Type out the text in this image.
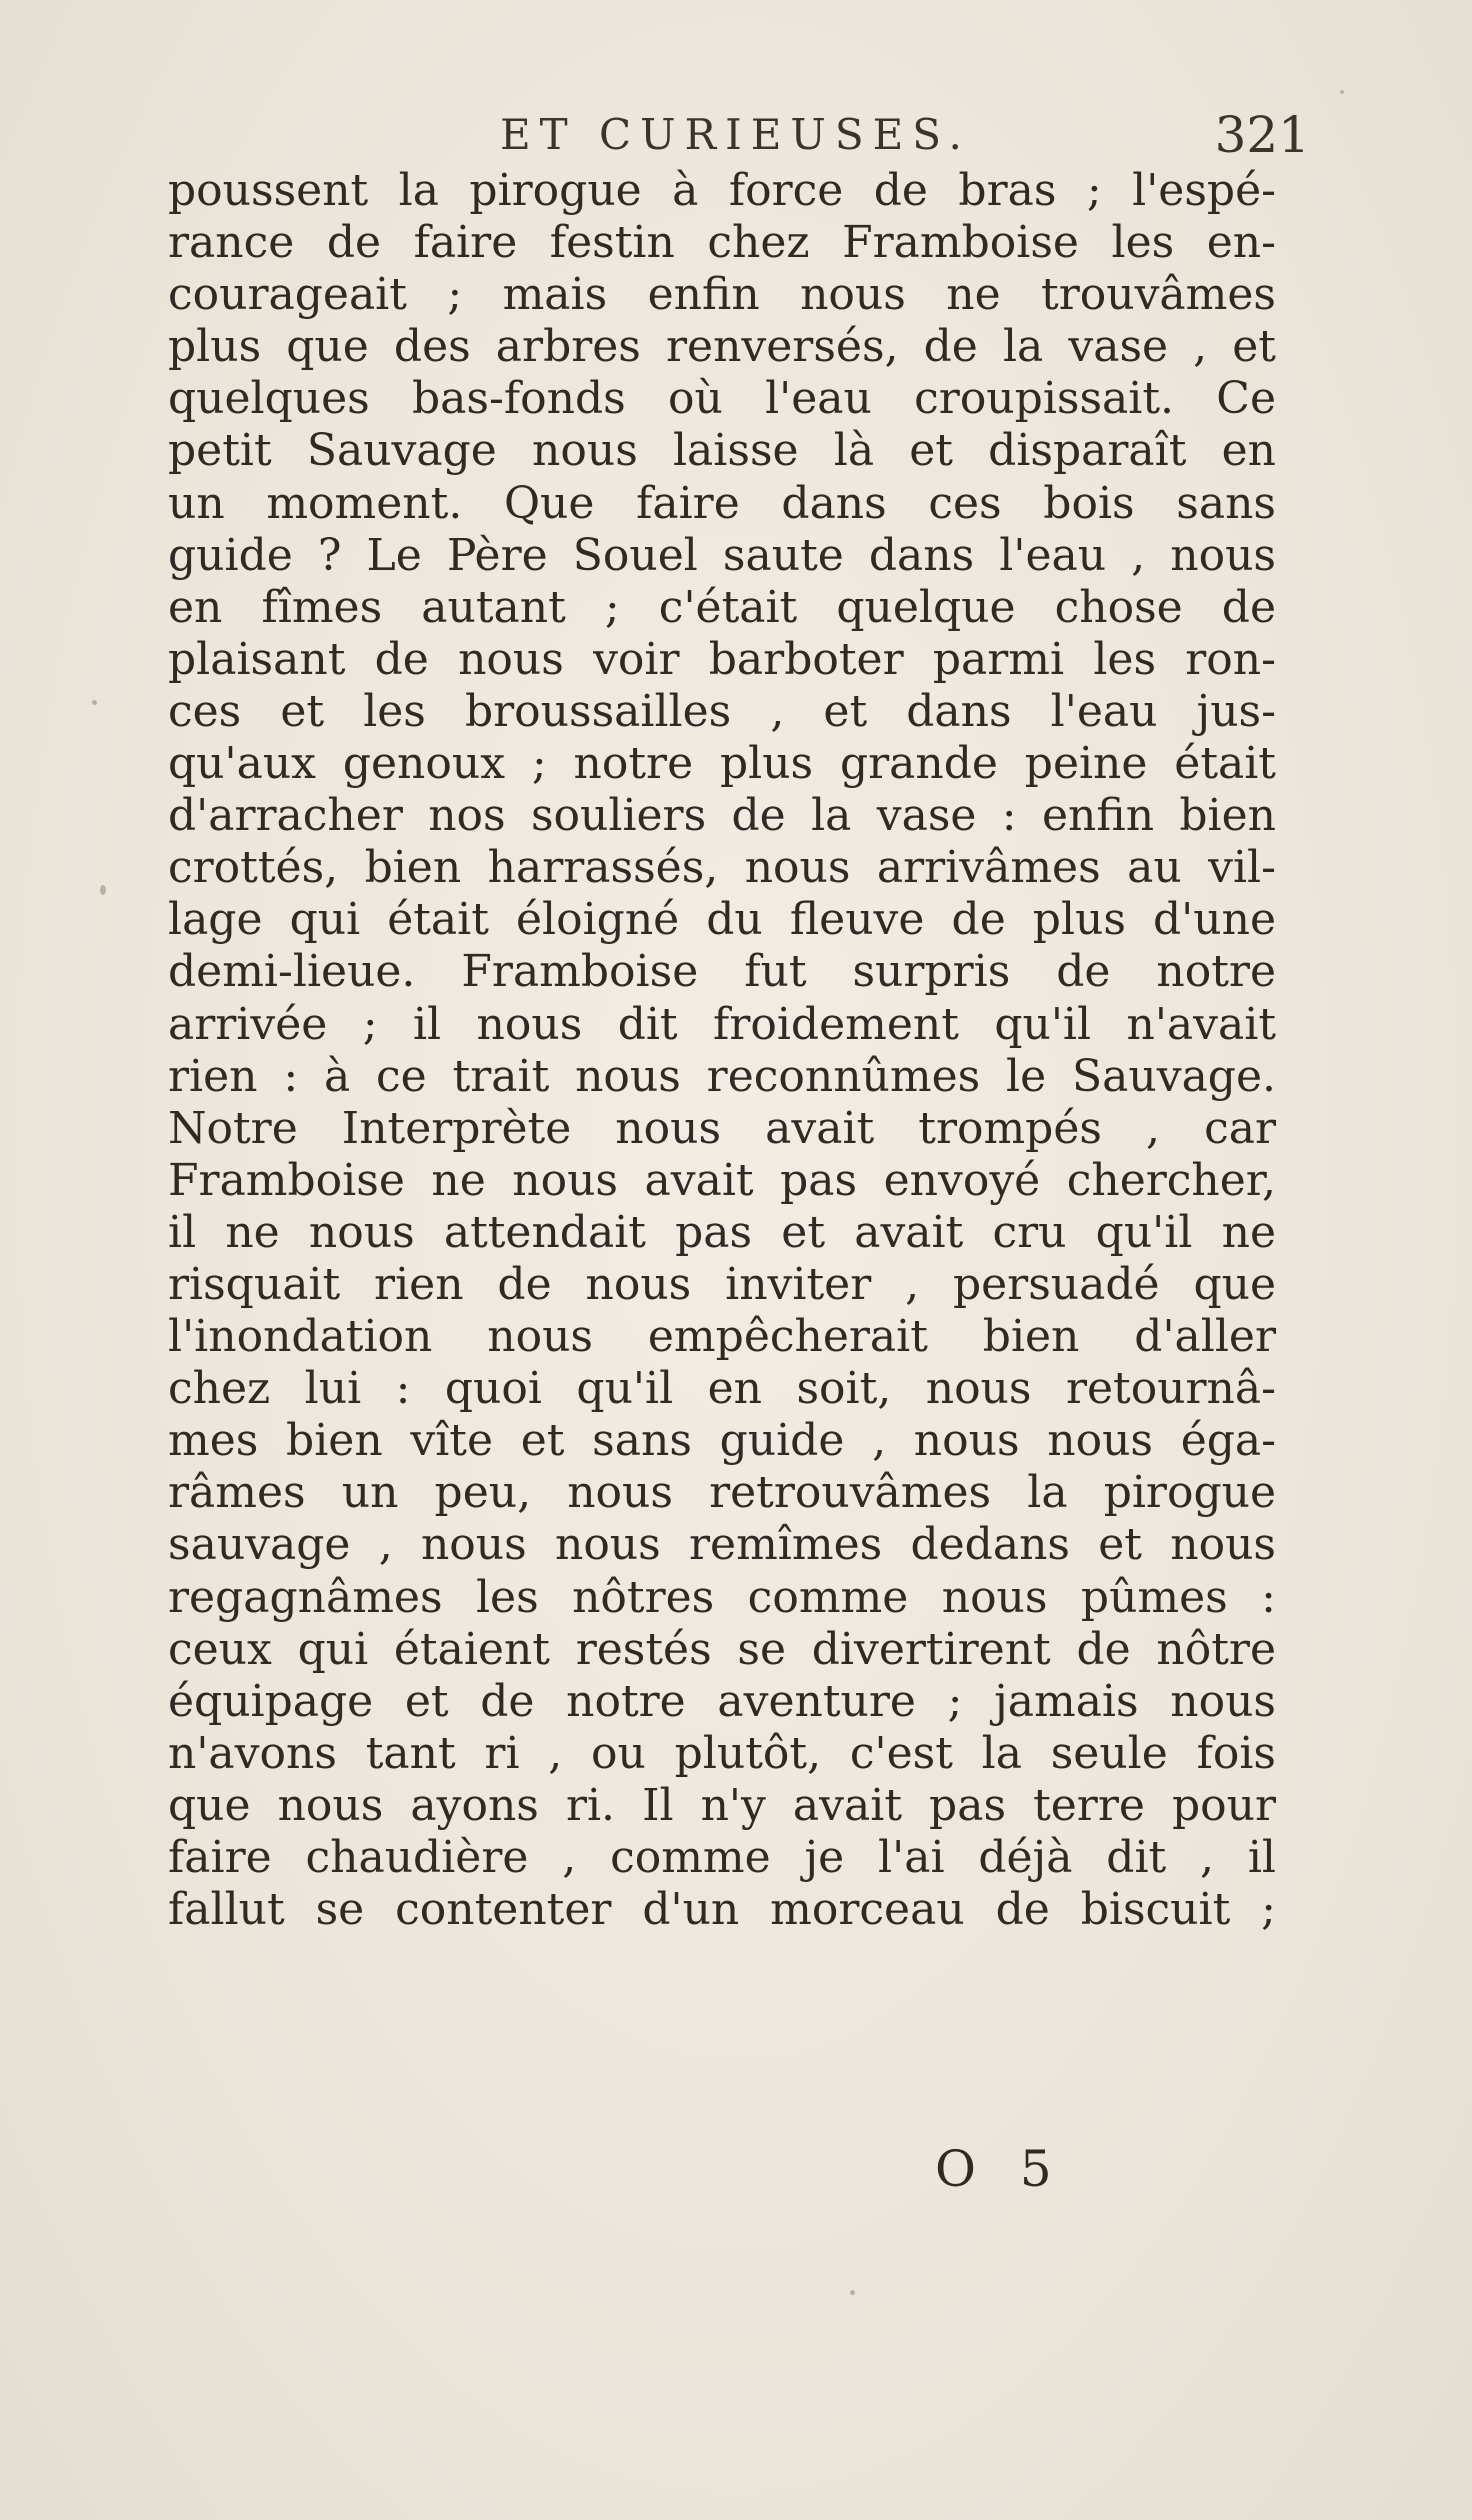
ET CURIEUSES.	321
poussent la pirogue à force de bras ; l'espé-
rance de faire festin chez Framboise les en-
courageait ; mais enfin nous ne trouvâmes
plus que des arbres renversés, de la vase , et
quelques bas-fonds où l'eau croupissait. Ce
petit Sauvage nous laisse là et disparaît en
un moment. Que faire dans ces bois sans
guide ? Le Père Souel saute dans l'eau , nous
en fîmes autant ; c'était quelque chose de
plaisant de nous voir barboter parmi les ron-
ces et les broussailles , et dans l'eau jus-
qu'aux genoux ; notre plus grande peine était
d'arracher nos souliers de la vase : enfin bien
crottés, bien harrassés, nous arrivâmes au vil-
lage qui était éloigné du fleuve de plus d'une
demi-lieue. Framboise fut surpris de notre
arrivée ; il nous dit froidement qu'il n'avait
rien : à ce trait nous reconnûmes le Sauvage.
Notre Interprète nous avait trompés , car
Framboise ne nous avait pas envoyé chercher,
il ne nous attendait pas et avait cru qu'il ne
risquait rien de nous inviter , persuadé que
l'inondation nous empêcherait bien d'aller
chez lui : quoi qu'il en soit, nous retournâ-
mes bien vîte et sans guide , nous nous éga-
râmes un peu, nous retrouvâmes la pirogue
sauvage , nous nous remîmes dedans et nous
regagnâmes les nôtres comme nous pûmes :
ceux qui étaient restés se divertirent de nôtre
équipage et de notre aventure ; jamais nous
n'avons tant ri , ou plutôt, c'est la seule fois
que nous ayons ri. Il n'y avait pas terre pour
faire chaudière , comme je l'ai déjà dit , il
fallut se contenter d'un morceau de biscuit ;
O 5
